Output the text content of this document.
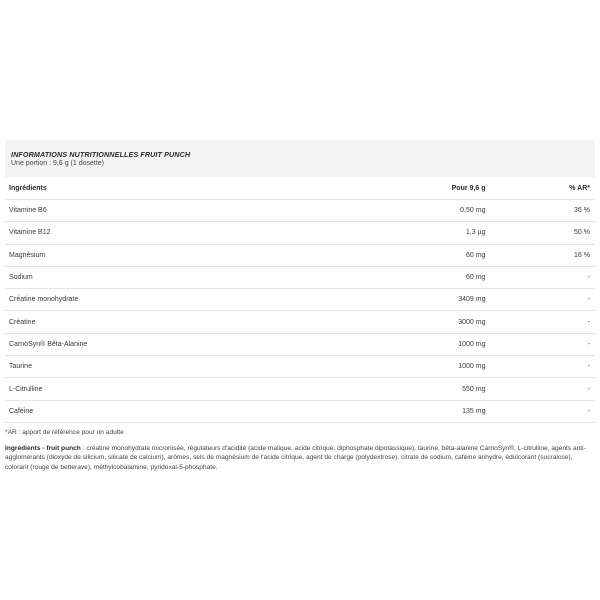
INFORMATIONS NUTRITIONNELLES FRUIT PUNCH
Une portion : 9,6 g (1 dosette)
Ingrédients	Pour 9,6 g	% AR*
Vitamine B6	0,50 mg	36 %
Vitamine B12	1,3 µg	50 %
Magnésium	60 mg	16 %
Sodium	60 mg	-
Créatine monohydrate	3409 mg	-
Créatine	3000 mg	-
CarnoSyn® Bêta-Alanine	1000 mg	-
Taurine	1000 mg	-
L-Citrulline	550 mg	-
Caféine	135 mg	-
*AR : apport de référence pour un adulte
Ingrédients - fruit punch : créatine monohydrate micronisée, régulateurs d'acidité (acide malique, acide citrique, diphosphate dipotassique), taurine, bêta-alanine CarnoSyn®, L-citrulline, agents anti-agglomérants (dioxyde de silicium, silicate de calcium), arômes, sels de magnésium de l'acide citrique, agent de charge (polydextrose), citrate de sodium, caféine anhydre, édulcorant (sucralose), colorant (rouge de betterave), méthylcobalamine, pyridoxal-5-phosphate.
